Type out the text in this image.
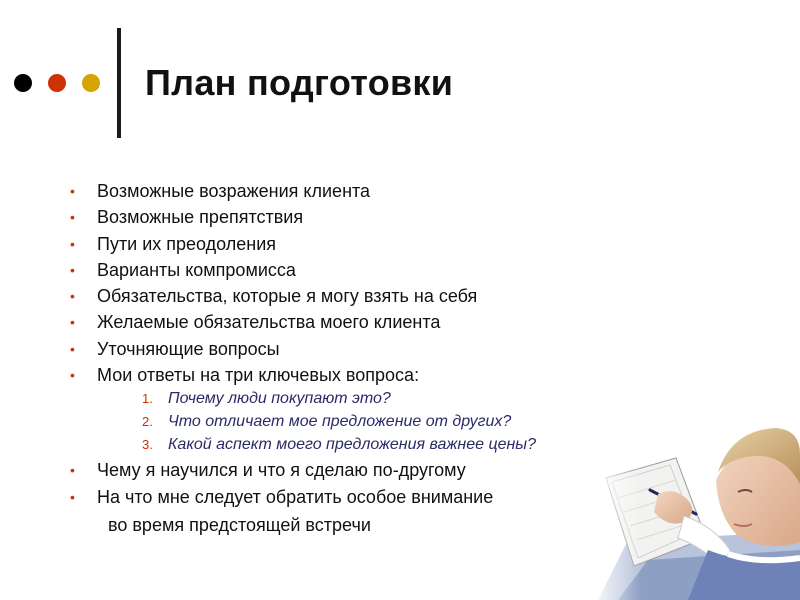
План подготовки
• Возможные возражения клиента
• Возможные препятствия
• Пути их преодоления
• Варианты компромисса
• Обязательства, которые я могу взять на себя
• Желаемые обязательства моего клиента
• Уточняющие вопросы
• Мои ответы на три ключевых вопроса:
1. Почему люди покупают это?
2. Что отличает мое предложение от других?
3. Какой аспект моего предложения важнее цены?
• Чему я научился и что я сделаю по-другому
• На что мне следует обратить особое внимание
во время предстоящей встречи
